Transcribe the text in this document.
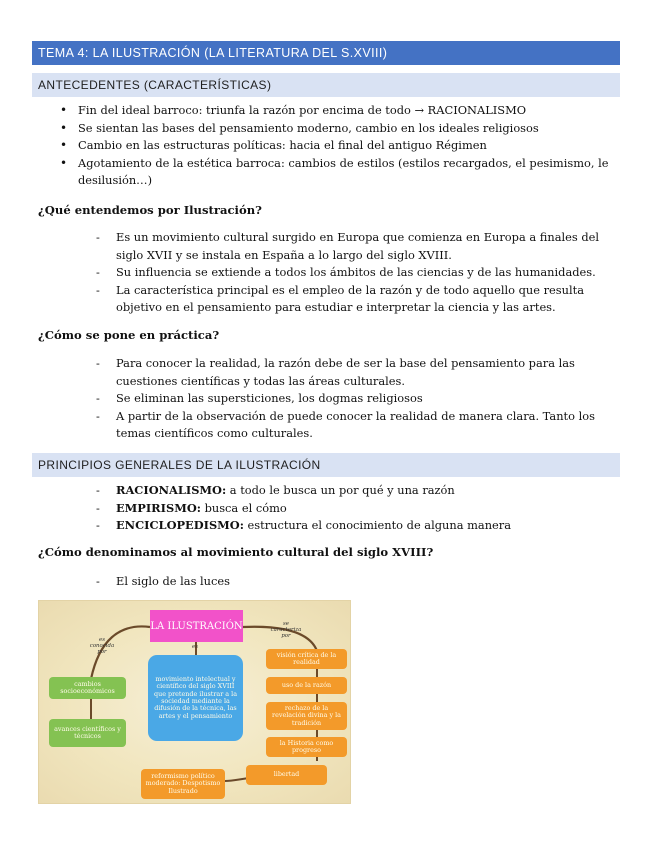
TEMA 4: LA ILUSTRACIÓN (LA LITERATURA DEL S.XVIII)
ANTECEDENTES (CARACTERÍSTICAS)
• Fin del ideal barroco: triunfa la razón por encima de todo → RACIONALISMO
• Se sientan las bases del pensamiento moderno, cambio en los ideales religiosos
• Cambio en las estructuras políticas: hacia el final del antiguo Régimen
• Agotamiento de la estética barroca: cambios de estilos (estilos recargados, el pesimismo, le desilusión…)
¿Qué entendemos por Ilustración?
- Es un movimiento cultural surgido en Europa que comienza en Europa a finales del siglo XVII y se instala en España a lo largo del siglo XVIII.
- Su influencia se extiende a todos los ámbitos de las ciencias y de las humanidades.
- La característica principal es el empleo de la razón y de todo aquello que resulta objetivo en el pensamiento para estudiar e interpretar la ciencia y las artes.
¿Cómo se pone en práctica?
- Para conocer la realidad, la razón debe de ser la base del pensamiento para las cuestiones científicas y todas las áreas culturales.
- Se eliminan las supersticiones, los dogmas religiosos
- A partir de la observación de puede conocer la realidad de manera clara. Tanto los temas científicos como culturales.
PRINCIPIOS GENERALES DE LA ILUSTRACIÓN
- RACIONALISMO: a todo le busca un por qué y una razón
- EMPIRISMO: busca el cómo
- ENCICLOPEDISMO: estructura el conocimiento de alguna manera
¿Cómo denominamos al movimiento cultural del siglo XVIII?
- El siglo de las luces
LA ILUSTRACIÓN
es conocida por
es
se caracteriza por
movimiento intelectual y científico del siglo XVIII que pretende ilustrar a la sociedad mediante la difusión de la técnica, las artes y el pensamiento
cambios socioeconómicos
avances científicos y técnicos
visión crítica de la realidad
uso de la razón
rechazo de la revelación divina y la tradición
la Historia como progreso
libertad
reformismo político moderado: Despotismo Ilustrado
